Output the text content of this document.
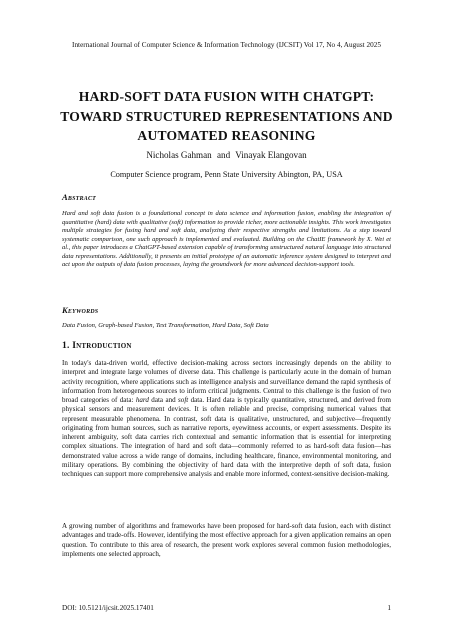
International Journal of Computer Science & Information Technology (IJCSIT) Vol 17, No 4, August 2025
HARD-SOFT DATA FUSION WITH CHATGPT:
TOWARD STRUCTURED REPRESENTATIONS AND
AUTOMATED REASONING
Nicholas Gahman and Vinayak Elangovan
Computer Science program, Penn State University Abington, PA, USA
Abstract
Hard and soft data fusion is a foundational concept in data science and information fusion, enabling the integration of quantitative (hard) data with qualitative (soft) information to provide richer, more actionable insights. This work investigates multiple strategies for fusing hard and soft data, analyzing their respective strengths and limitations. As a step toward systematic comparison, one such approach is implemented and evaluated. Building on the ChatIE framework by X. Wei et al., this paper introduces a ChatGPT-based extension capable of transforming unstructured natural language into structured data representations. Additionally, it presents an initial prototype of an automatic inference system designed to interpret and act upon the outputs of data fusion processes, laying the groundwork for more advanced decision-support tools.
Keywords
Data Fusion, Graph-based Fusion, Text Transformation, Hard Data, Soft Data
1. Introduction
In today's data-driven world, effective decision-making across sectors increasingly depends on the ability to interpret and integrate large volumes of diverse data. This challenge is particularly acute in the domain of human activity recognition, where applications such as intelligence analysis and surveillance demand the rapid synthesis of information from heterogeneous sources to inform critical judgments. Central to this challenge is the fusion of two broad categories of data: hard data and soft data. Hard data is typically quantitative, structured, and derived from physical sensors and measurement devices. It is often reliable and precise, comprising numerical values that represent measurable phenomena. In contrast, soft data is qualitative, unstructured, and subjective—frequently originating from human sources, such as narrative reports, eyewitness accounts, or expert assessments. Despite its inherent ambiguity, soft data carries rich contextual and semantic information that is essential for interpreting complex situations. The integration of hard and soft data—commonly referred to as hard-soft data fusion—has demonstrated value across a wide range of domains, including healthcare, finance, environmental monitoring, and military operations. By combining the objectivity of hard data with the interpretive depth of soft data, fusion techniques can support more comprehensive analysis and enable more informed, context-sensitive decision-making.
A growing number of algorithms and frameworks have been proposed for hard-soft data fusion, each with distinct advantages and trade-offs. However, identifying the most effective approach for a given application remains an open question. To contribute to this area of research, the present work explores several common fusion methodologies, implements one selected approach,
DOI: 10.5121/ijcsit.2025.17401	1
